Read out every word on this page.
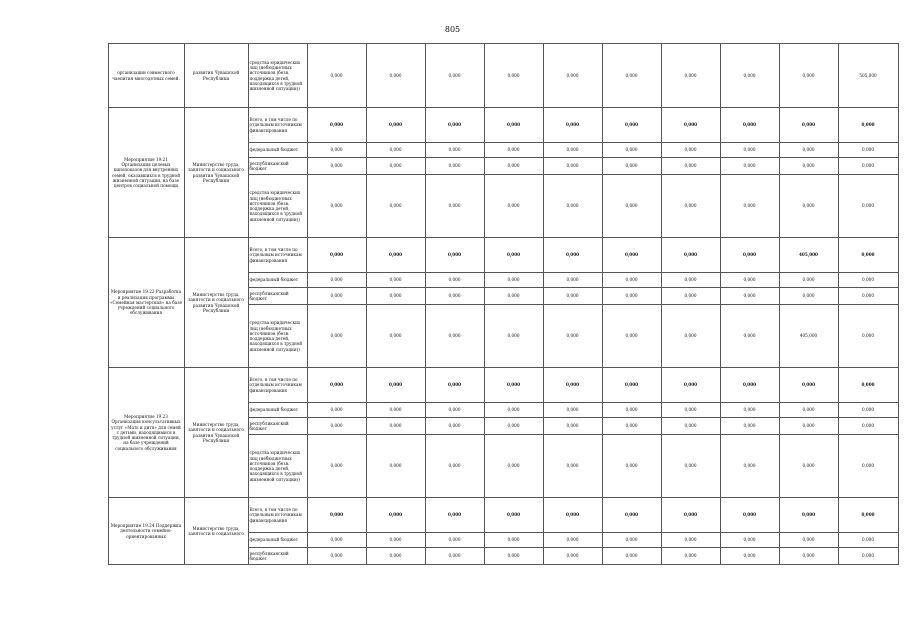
805
	организации совместного чаепития многодетных семей.	развития Чувашской Республики	средства юридических лиц (небюджетных источников (безв. поддержка детей, находящихся в трудной жизненной ситуации))	0,000	0,000	0,000	0,000	0,000	0,000	0,000	0,000	0,000	505,000	
	Мероприятие 19.21 Организация целевых кинопоказов для внутренних семей, оказавшихся в трудной жизненной ситуации, на базе центров социальной помощи	Министерство труда, занятости и социального развития Чувашской Республики	Всего, в том числе по отдельным источникам финансирования	0,000	0,000	0,000	0,000	0,000	0,000	0,000	0,000	0,000	0,000	
			федеральный бюджет	0,000	0,000	0,000	0,000	0,000	0,000	0,000	0,000	0,000	0,000	
			республиканский бюджет	0,000	0,000	0,000	0,000	0,000	0,000	0,000	0,000	0,000	0,000	
			средства юридических лиц (небюджетных источников (безв. поддержка детей, находящихся в трудной жизненной ситуации))	0,000	0,000	0,000	0,000	0,000	0,000	0,000	0,000	0,000	0,000	
	Мероприятие 19.22 Разработка и реализация программы «Семейная мастерская» на базе учреждений социального обслуживания	Министерство труда, занятости и социального развития Чувашской Республики	Всего, в том числе по отдельным источникам финансирования	0,000	0,000	0,000	0,000	0,000	0,000	0,000	0,000	405,000	0,000	
			федеральный бюджет	0,000	0,000	0,000	0,000	0,000	0,000	0,000	0,000	0,000	0,000	
			республиканский бюджет	0,000	0,000	0,000	0,000	0,000	0,000	0,000	0,000	0,000	0,000	
			средства юридических лиц (небюджетных источников (безв. поддержка детей, находящихся в трудной жизненной ситуации))	0,000	0,000	0,000	0,000	0,000	0,000	0,000	0,000	405,000	0,000	
	Мероприятие 19.23 Организация консультативных услуг «Мать и дитя» для семей с детьми, находящимися в трудной жизненной ситуации, на базе учреждений социального обслуживания	Министерство труда, занятости и социального развития Чувашской Республики	Всего, в том числе по отдельным источникам финансирования	0,000	0,000	0,000	0,000	0,000	0,000	0,000	0,000	0,000	0,000	
			федеральный бюджет	0,000	0,000	0,000	0,000	0,000	0,000	0,000	0,000	0,000	0,000	
			республиканский бюджет	0,000	0,000	0,000	0,000	0,000	0,000	0,000	0,000	0,000	0,000	
			средства юридических лиц (небюджетных источников (безв. поддержка детей, находящихся в трудной жизненной ситуации))	0,000	0,000	0,000	0,000	0,000	0,000	0,000	0,000	0,000	0,000	
	Мероприятие 19.24 Поддержка деятельности семейно-ориентированных	Министерство труда, занятости и социального	Всего, в том числе по отдельным источникам финансирования	0,000	0,000	0,000	0,000	0,000	0,000	0,000	0,000	0,000	0,000	
			федеральный бюджет	0,000	0,000	0,000	0,000	0,000	0,000	0,000	0,000	0,000	0,000	
			республиканский бюджет	0,000	0,000	0,000	0,000	0,000	0,000	0,000	0,000	0,000	0,000	
